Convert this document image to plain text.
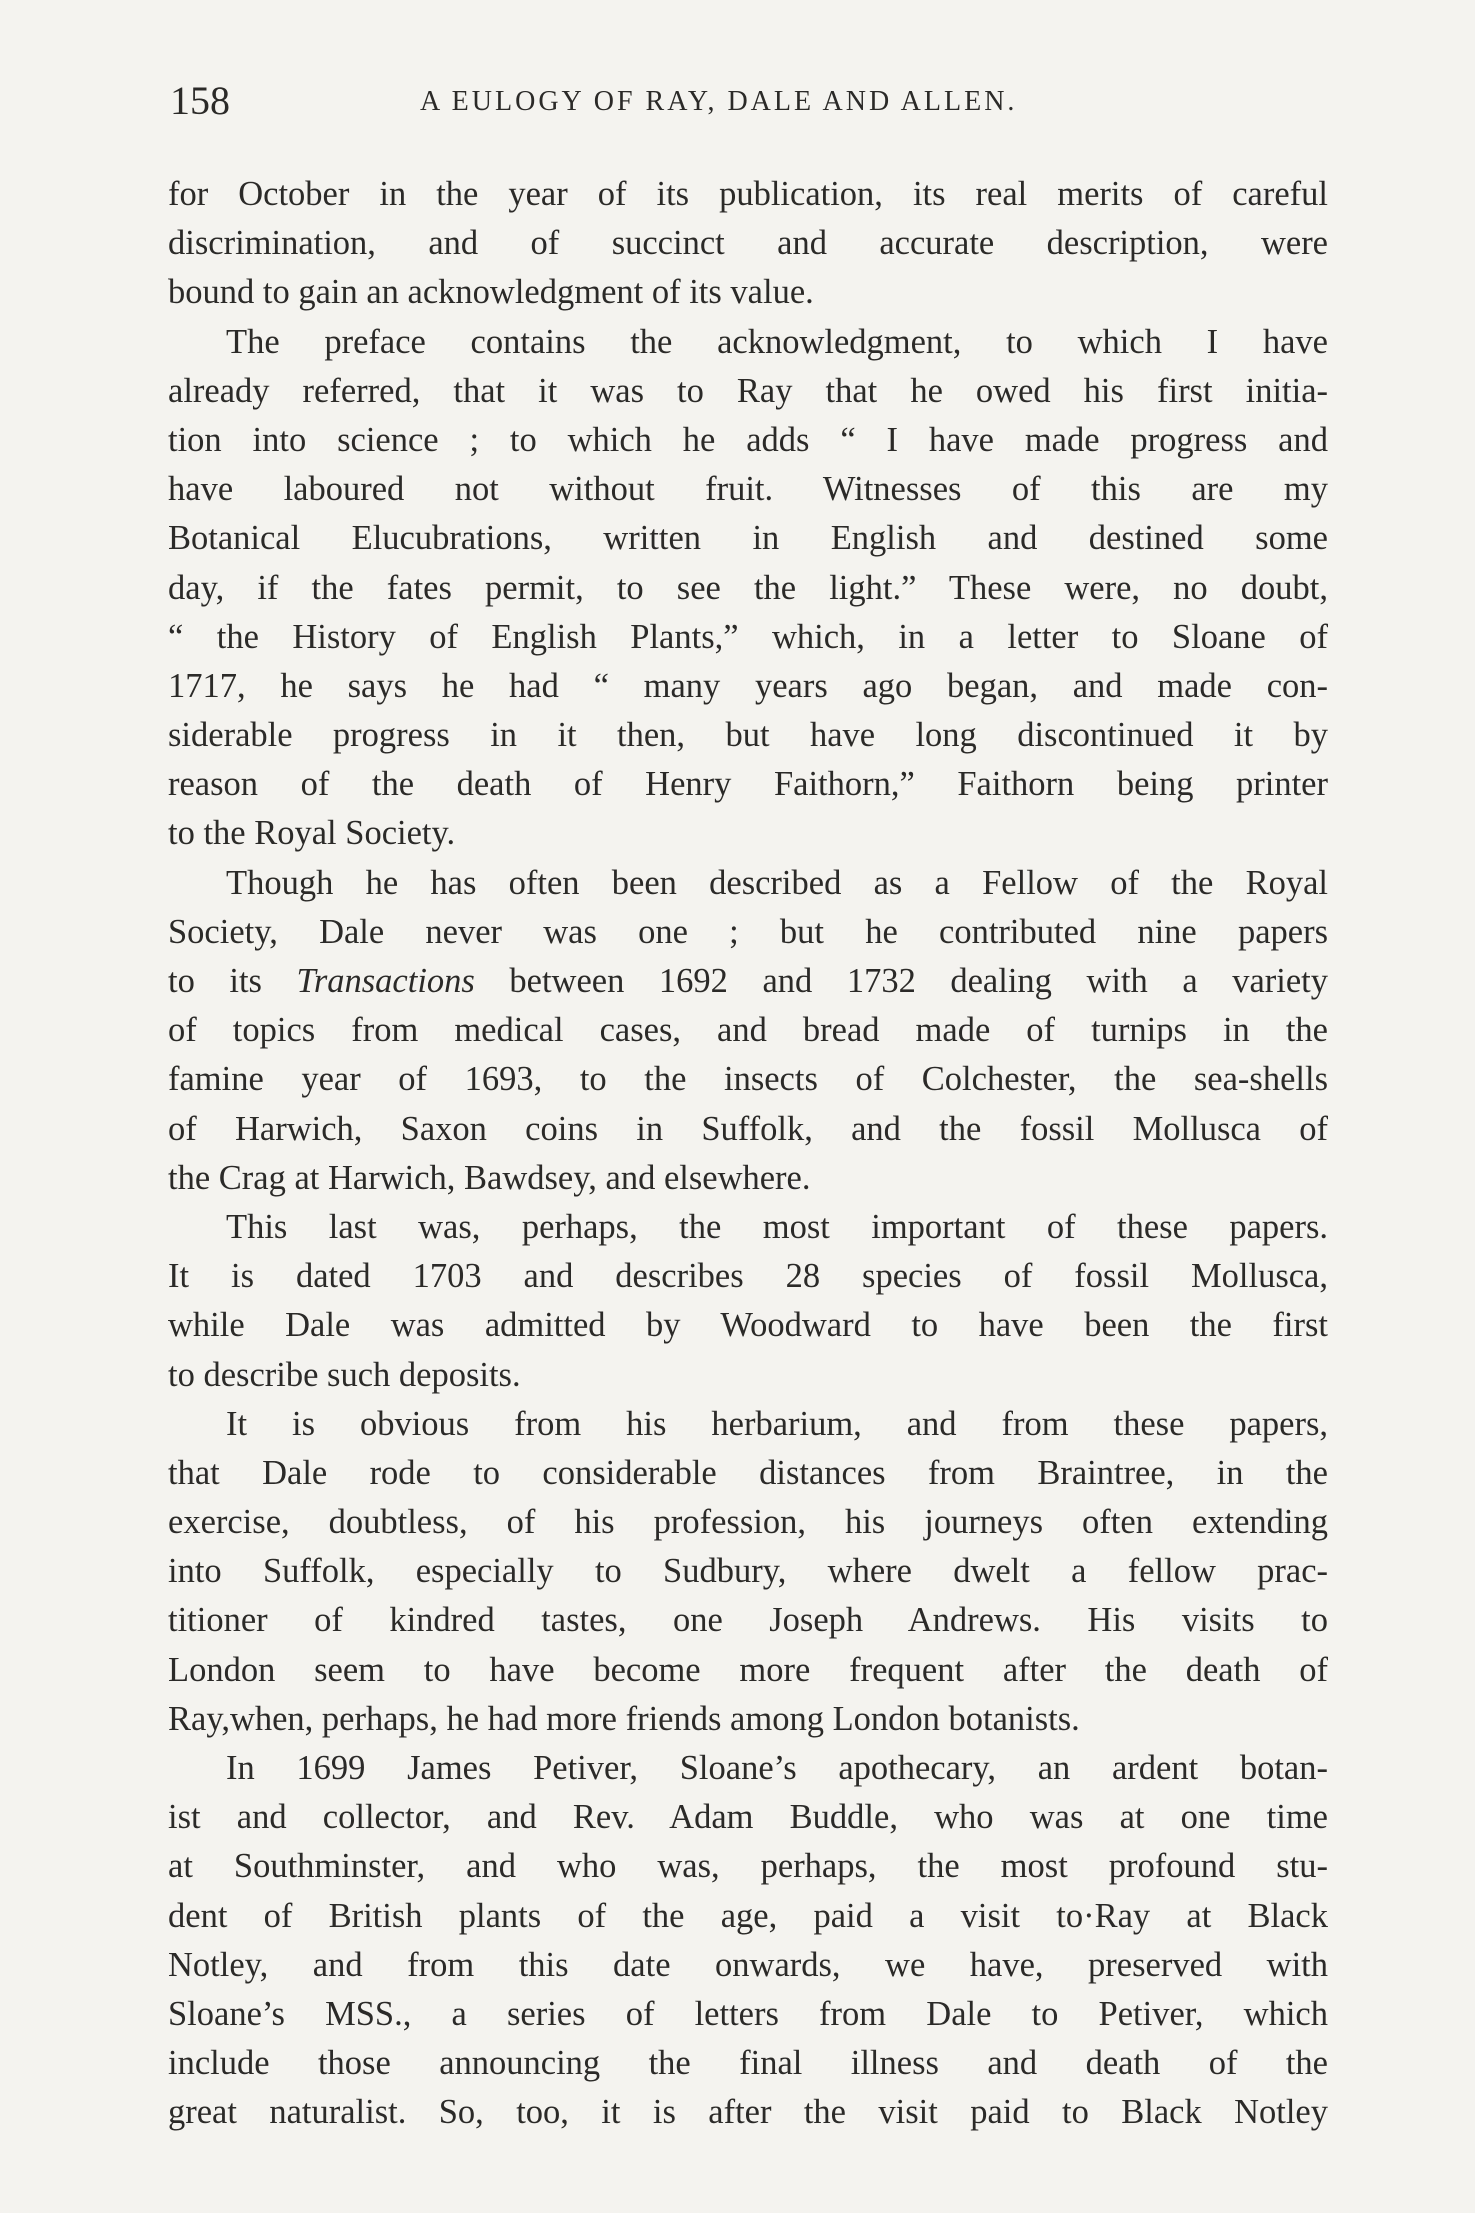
158	A EULOGY OF RAY, DALE AND ALLEN.
for October in the year of its publication, its real merits of careful
discrimination, and of succinct and accurate description, were
bound to gain an acknowledgment of its value.
The preface contains the acknowledgment, to which I have
already referred, that it was to Ray that he owed his first initia-
tion into science ; to which he adds “ I have made progress and
have laboured not without fruit. Witnesses of this are my
Botanical Elucubrations, written in English and destined some
day, if the fates permit, to see the light.” These were, no doubt,
“ the History of English Plants,” which, in a letter to Sloane of
1717, he says he had “ many years ago began, and made con-
siderable progress in it then, but have long discontinued it by
reason of the death of Henry Faithorn,” Faithorn being printer
to the Royal Society.
Though he has often been described as a Fellow of the Royal
Society, Dale never was one ; but he contributed nine papers
to its Transactions between 1692 and 1732 dealing with a variety
of topics from medical cases, and bread made of turnips in the
famine year of 1693, to the insects of Colchester, the sea-shells
of Harwich, Saxon coins in Suffolk, and the fossil Mollusca of
the Crag at Harwich, Bawdsey, and elsewhere.
This last was, perhaps, the most important of these papers.
It is dated 1703 and describes 28 species of fossil Mollusca,
while Dale was admitted by Woodward to have been the first
to describe such deposits.
It is obvious from his herbarium, and from these papers,
that Dale rode to considerable distances from Braintree, in the
exercise, doubtless, of his profession, his journeys often extending
into Suffolk, especially to Sudbury, where dwelt a fellow prac-
titioner of kindred tastes, one Joseph Andrews. His visits to
London seem to have become more frequent after the death of
Ray,when, perhaps, he had more friends among London botanists.
In 1699 James Petiver, Sloane’s apothecary, an ardent botan-
ist and collector, and Rev. Adam Buddle, who was at one time
at Southminster, and who was, perhaps, the most profound stu-
dent of British plants of the age, paid a visit to·Ray at Black
Notley, and from this date onwards, we have, preserved with
Sloane’s MSS., a series of letters from Dale to Petiver, which
include those announcing the final illness and death of the
great naturalist. So, too, it is after the visit paid to Black Notley
